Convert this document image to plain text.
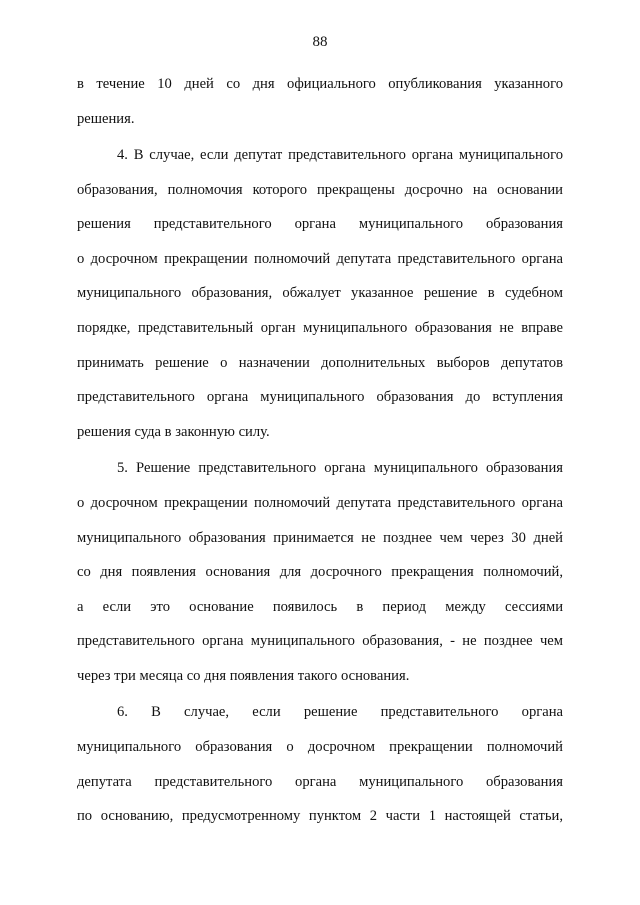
88
в течение 10 дней со дня официального опубликования указанного
решения.
4. В случае, если депутат представительного органа муниципального
образования, полномочия которого прекращены досрочно на основании
решения представительного органа муниципального образования
о досрочном прекращении полномочий депутата представительного органа
муниципального образования, обжалует указанное решение в судебном
порядке, представительный орган муниципального образования не вправе
принимать решение о назначении дополнительных выборов депутатов
представительного органа муниципального образования до вступления
решения суда в законную силу.
5. Решение представительного органа муниципального образования
о досрочном прекращении полномочий депутата представительного органа
муниципального образования принимается не позднее чем через 30 дней
со дня появления основания для досрочного прекращения полномочий,
а если это основание появилось в период между сессиями
представительного органа муниципального образования, - не позднее чем
через три месяца со дня появления такого основания.
6. В случае, если решение представительного органа
муниципального образования о досрочном прекращении полномочий
депутата представительного органа муниципального образования
по основанию, предусмотренному пунктом 2 части 1 настоящей статьи,
